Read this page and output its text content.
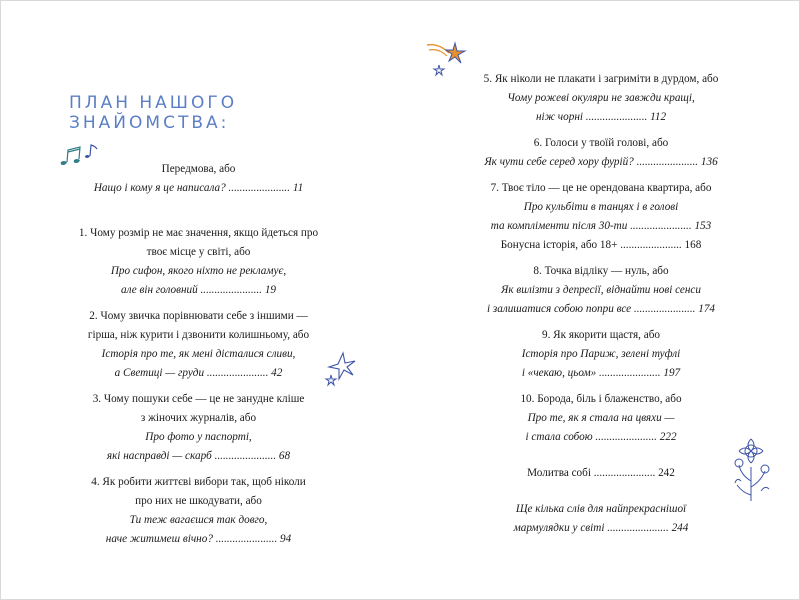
ПЛАН НАШОГО ЗНАЙОМСТВА:
Передмова, або
Нащо і кому я це написала? ...................... 11
1. Чому розмір не має значення, якщо йдеться про
твоє місце у світі, або
Про сифон, якого ніхто не рекламує,
але він головний ...................... 19
2. Чому звичка порівнювати себе з іншими —
гірша, ніж курити і дзвонити колишньому, або
Історія про те, як мені дісталися сливи,
а Светиці — груди ...................... 42
3. Чому пошуки себе — це не занудне кліше
з жіночих журналів, або
Про фото у паспорті,
які насправді — скарб ...................... 68
4. Як робити життєві вибори так, щоб ніколи
про них не шкодувати, або
Ти теж вагаєшся так довго,
наче житимеш вічно? ...................... 94
5. Як ніколи не плакати і загриміти в дурдом, або
Чому рожеві окуляри не завжди кращі,
ніж чорні ...................... 112
6. Голоси у твоїй голові, або
Як чути себе серед хору фурій? ...................... 136
7. Твоє тіло — це не орендована квартира, або
Про кульбіти в танцях і в голові
та компліменти після 30-ти ...................... 153
Бонусна історія, або 18+ ...................... 168
8. Точка відліку — нуль, або
Як вилізти з депресії, віднайти нові сенси
і залишатися собою попри все ...................... 174
9. Як якорити щастя, або
Історія про Париж, зелені туфлі
і «чекаю, цьом» ...................... 197
10. Борода, біль і блаженство, або
Про те, як я стала на цвяхи —
і стала собою ...................... 222
Молитва собі ...................... 242
Ще кілька слів для найпрекраснішої
мармулядки у світі ...................... 244
